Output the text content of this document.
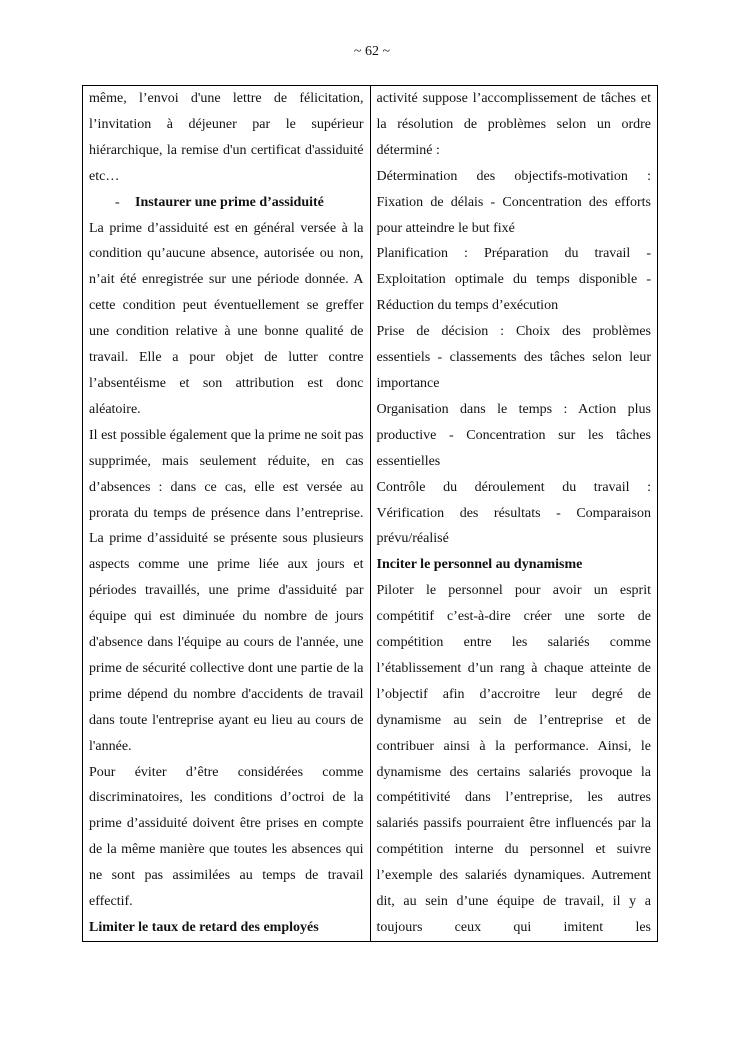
~ 62 ~

même, l’envoi d'une lettre de félicitation, l’invitation à déjeuner par le supérieur hiérarchique, la remise d'un certificat d'assiduité etc…

- Instaurer une prime d’assiduité

La prime d’assiduité est en général versée à la condition qu’aucune absence, autorisée ou non, n’ait été enregistrée sur une période donnée. A cette condition peut éventuellement se greffer une condition relative à une bonne qualité de travail. Elle a pour objet de lutter contre l’absentéisme et son attribution est donc aléatoire.

Il est possible également que la prime ne soit pas supprimée, mais seulement réduite, en cas d’absences : dans ce cas, elle est versée au prorata du temps de présence dans l’entreprise. La prime d’assiduité se présente sous plusieurs aspects comme une prime liée aux jours et périodes travaillés, une prime d'assiduité par équipe qui est diminuée du nombre de jours d'absence dans l'équipe au cours de l'année, une prime de sécurité collective dont une partie de la prime dépend du nombre d'accidents de travail dans toute l'entreprise ayant eu lieu au cours de l'année.

Pour éviter d’être considérées comme discriminatoires, les conditions d’octroi de la prime d’assiduité doivent être prises en compte de la même manière que toutes les absences qui ne sont pas assimilées au temps de travail effectif.

Limiter le taux de retard des employés

activité suppose l’accomplissement de tâches et la résolution de problèmes selon un ordre déterminé :

Détermination des objectifs-motivation : Fixation de délais - Concentration des efforts pour atteindre le but fixé

Planification : Préparation du travail - Exploitation optimale du temps disponible - Réduction du temps d’exécution

Prise de décision : Choix des problèmes essentiels - classements des tâches selon leur importance

Organisation dans le temps : Action plus productive - Concentration sur les tâches essentielles

Contrôle du déroulement du travail : Vérification des résultats - Comparaison prévu/réalisé

Inciter le personnel au dynamisme

Piloter le personnel pour avoir un esprit compétitif c’est-à-dire créer une sorte de compétition entre les salariés comme l’établissement d’un rang à chaque atteinte de l’objectif afin d’accroitre leur degré de dynamisme au sein de l’entreprise et de contribuer ainsi à la performance. Ainsi, le dynamisme des certains salariés provoque la compétitivité dans l’entreprise, les autres salariés passifs pourraient être influencés par la compétition interne du personnel et suivre l’exemple des salariés dynamiques. Autrement dit, au sein d’une équipe de travail, il y a toujours ceux qui imitent les
